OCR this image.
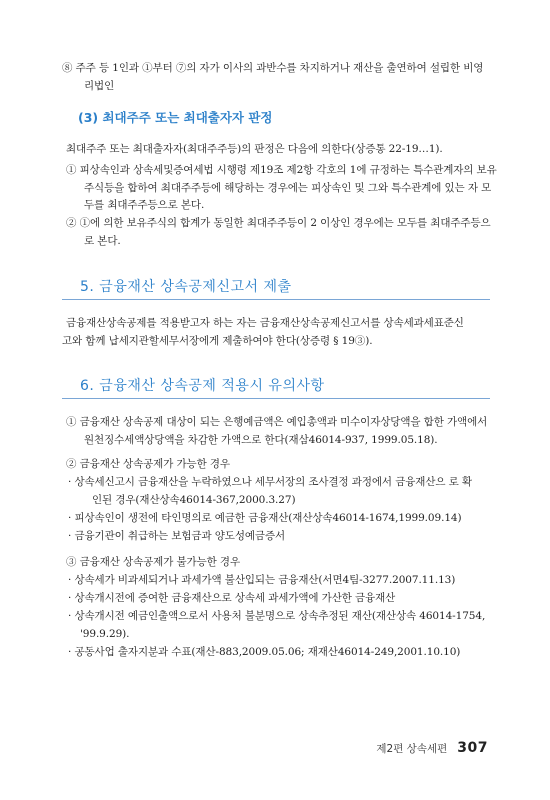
⑧ 주주 등 1인과 ①부터 ⑦의 자가 이사의 과반수를 차지하거나 재산을 출연하여 설립한 비영
리법인
(3) 최대주주 또는 최대출자자 판정
최대주주 또는 최대출자자(최대주주등)의 판정은 다음에 의한다(상증통 22-19…1).
① 피상속인과 상속세및증여세법 시행령 제19조 제2항 각호의 1에 규정하는 특수관계자의 보유
주식등을 합하여 최대주주등에 해당하는 경우에는 피상속인 및 그와 특수관계에 있는 자 모
두를 최대주주등으로 본다.
② ①에 의한 보유주식의 합계가 동일한 최대주주등이 2 이상인 경우에는 모두를 최대주주등으
로 본다.
5. 금융재산 상속공제신고서 제출
금융재산상속공제를 적용받고자 하는 자는 금융재산상속공제신고서를 상속세과세표준신
고와 함께 납세지관할세무서장에게 제출하여야 한다(상증령 § 19③).
6. 금융재산 상속공제 적용시 유의사항
① 금융재산 상속공제 대상이 되는 은행예금액은 예입총액과 미수이자상당액을 합한 가액에서
원천징수세액상당액을 차감한 가액으로 한다(재삼46014-937, 1999.05.18).
② 금융재산 상속공제가 가능한 경우
· 상속세신고시 금융재산을 누락하였으나 세무서장의 조사결정 과정에서 금융재산으 로 확
인된 경우(재산상속46014-367,2000.3.27)
· 피상속인이 생전에 타인명의로 예금한 금융재산(재산상속46014-1674,1999.09.14)
· 금융기관이 취급하는 보험금과 양도성예금증서
③ 금융재산 상속공제가 불가능한 경우
· 상속세가 비과세되거나 과세가액 불산입되는 금융재산(서면4팀-3277.2007.11.13)
· 상속개시전에 증여한 금융재산으로 상속세 과세가액에 가산한 금융재산
· 상속개시전 예금인출액으로서 사용처 불분명으로 상속추정된 재산(재산상속 46014-1754,
'99.9.29).
· 공동사업 출자지분과 수표(재산-883,2009.05.06; 재재산46014-249,2001.10.10)
제2편 상속세편 307
